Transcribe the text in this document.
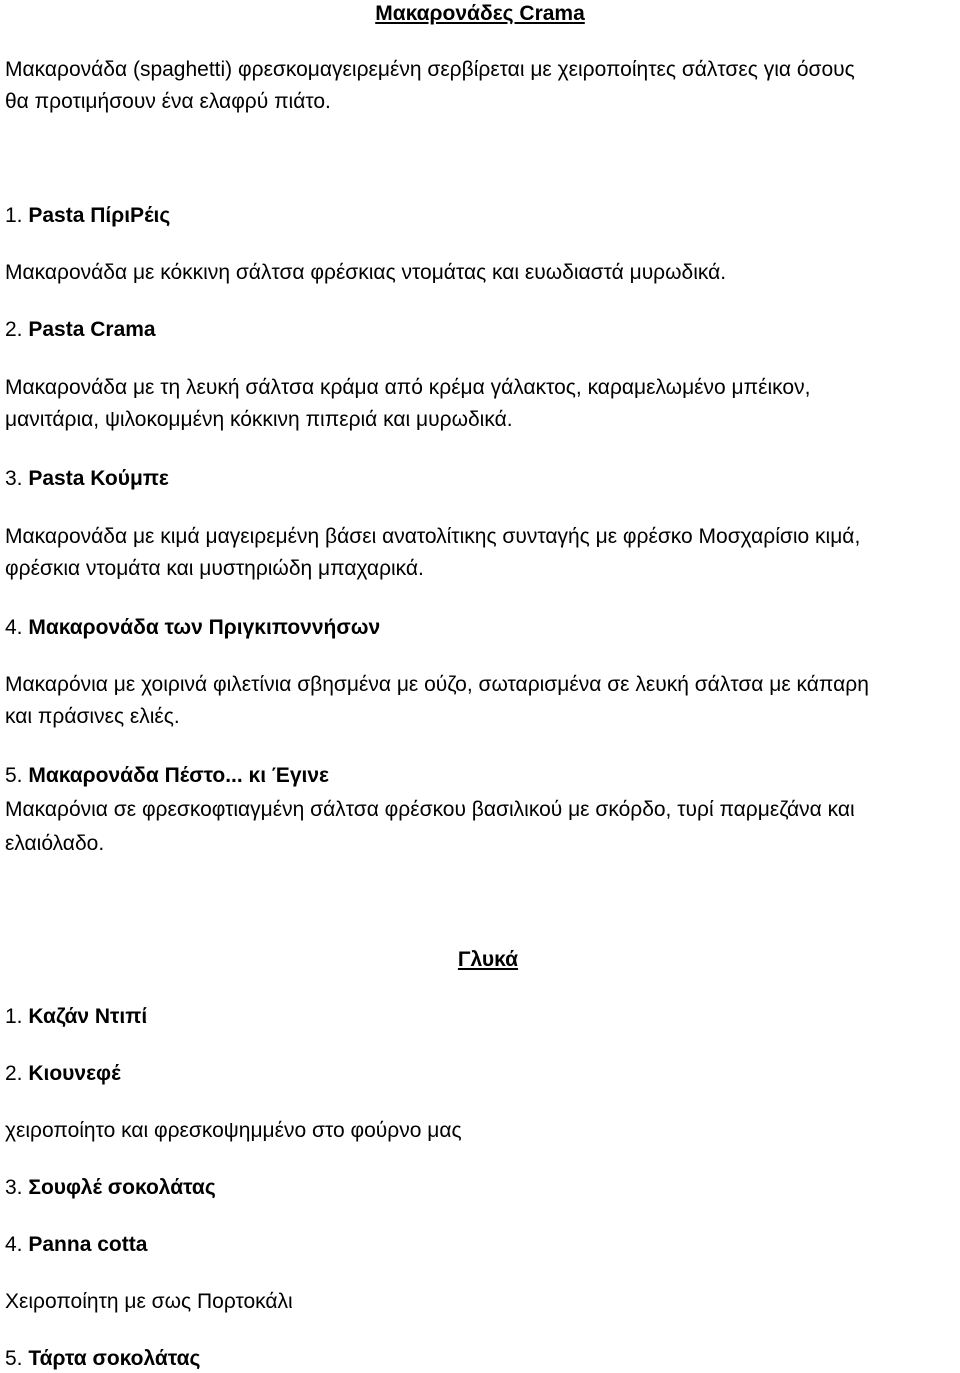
Μακαρονάδες Crama
Μακαρονάδα (spaghetti) φρεσκομαγειρεμένη σερβίρεται με χειροποίητες σάλτσες για όσους
θα προτιμήσουν ένα ελαφρύ πιάτο.
1. Pasta ΠίριΡέις
Μακαρονάδα με κόκκινη σάλτσα φρέσκιας ντομάτας και ευωδιαστά μυρωδικά.
2. Pasta Crama
Μακαρονάδα με τη λευκή σάλτσα κράμα από κρέμα γάλακτος, καραμελωμένο μπέικον,
μανιτάρια, ψιλοκομμένη κόκκινη πιπεριά και μυρωδικά.
3. Pasta Κούμπε
Μακαρονάδα με κιμά μαγειρεμένη βάσει ανατολίτικης συνταγής με φρέσκο Μοσχαρίσιο κιμά,
φρέσκια ντομάτα και μυστηριώδη μπαχαρικά.
4. Μακαρονάδα των Πριγκιποννήσων
Μακαρόνια με χοιρινά φιλετίνια σβησμένα με ούζο, σωταρισμένα σε λευκή σάλτσα με κάπαρη
και πράσινες ελιές.
5. Μακαρονάδα Πέστο... κι Έγινε
Μακαρόνια σε φρεσκοφτιαγμένη σάλτσα φρέσκου βασιλικού με σκόρδο, τυρί παρμεζάνα και
ελαιόλαδο.
Γλυκά
1. Καζάν Ντιπί
2. Κιουνεφέ
χειροποίητο και φρεσκοψημμένο στο φούρνο μας
3. Σουφλέ σοκολάτας
4. Panna cotta
Χειροποίητη με σως Πορτοκάλι
5. Τάρτα σοκολάτας
